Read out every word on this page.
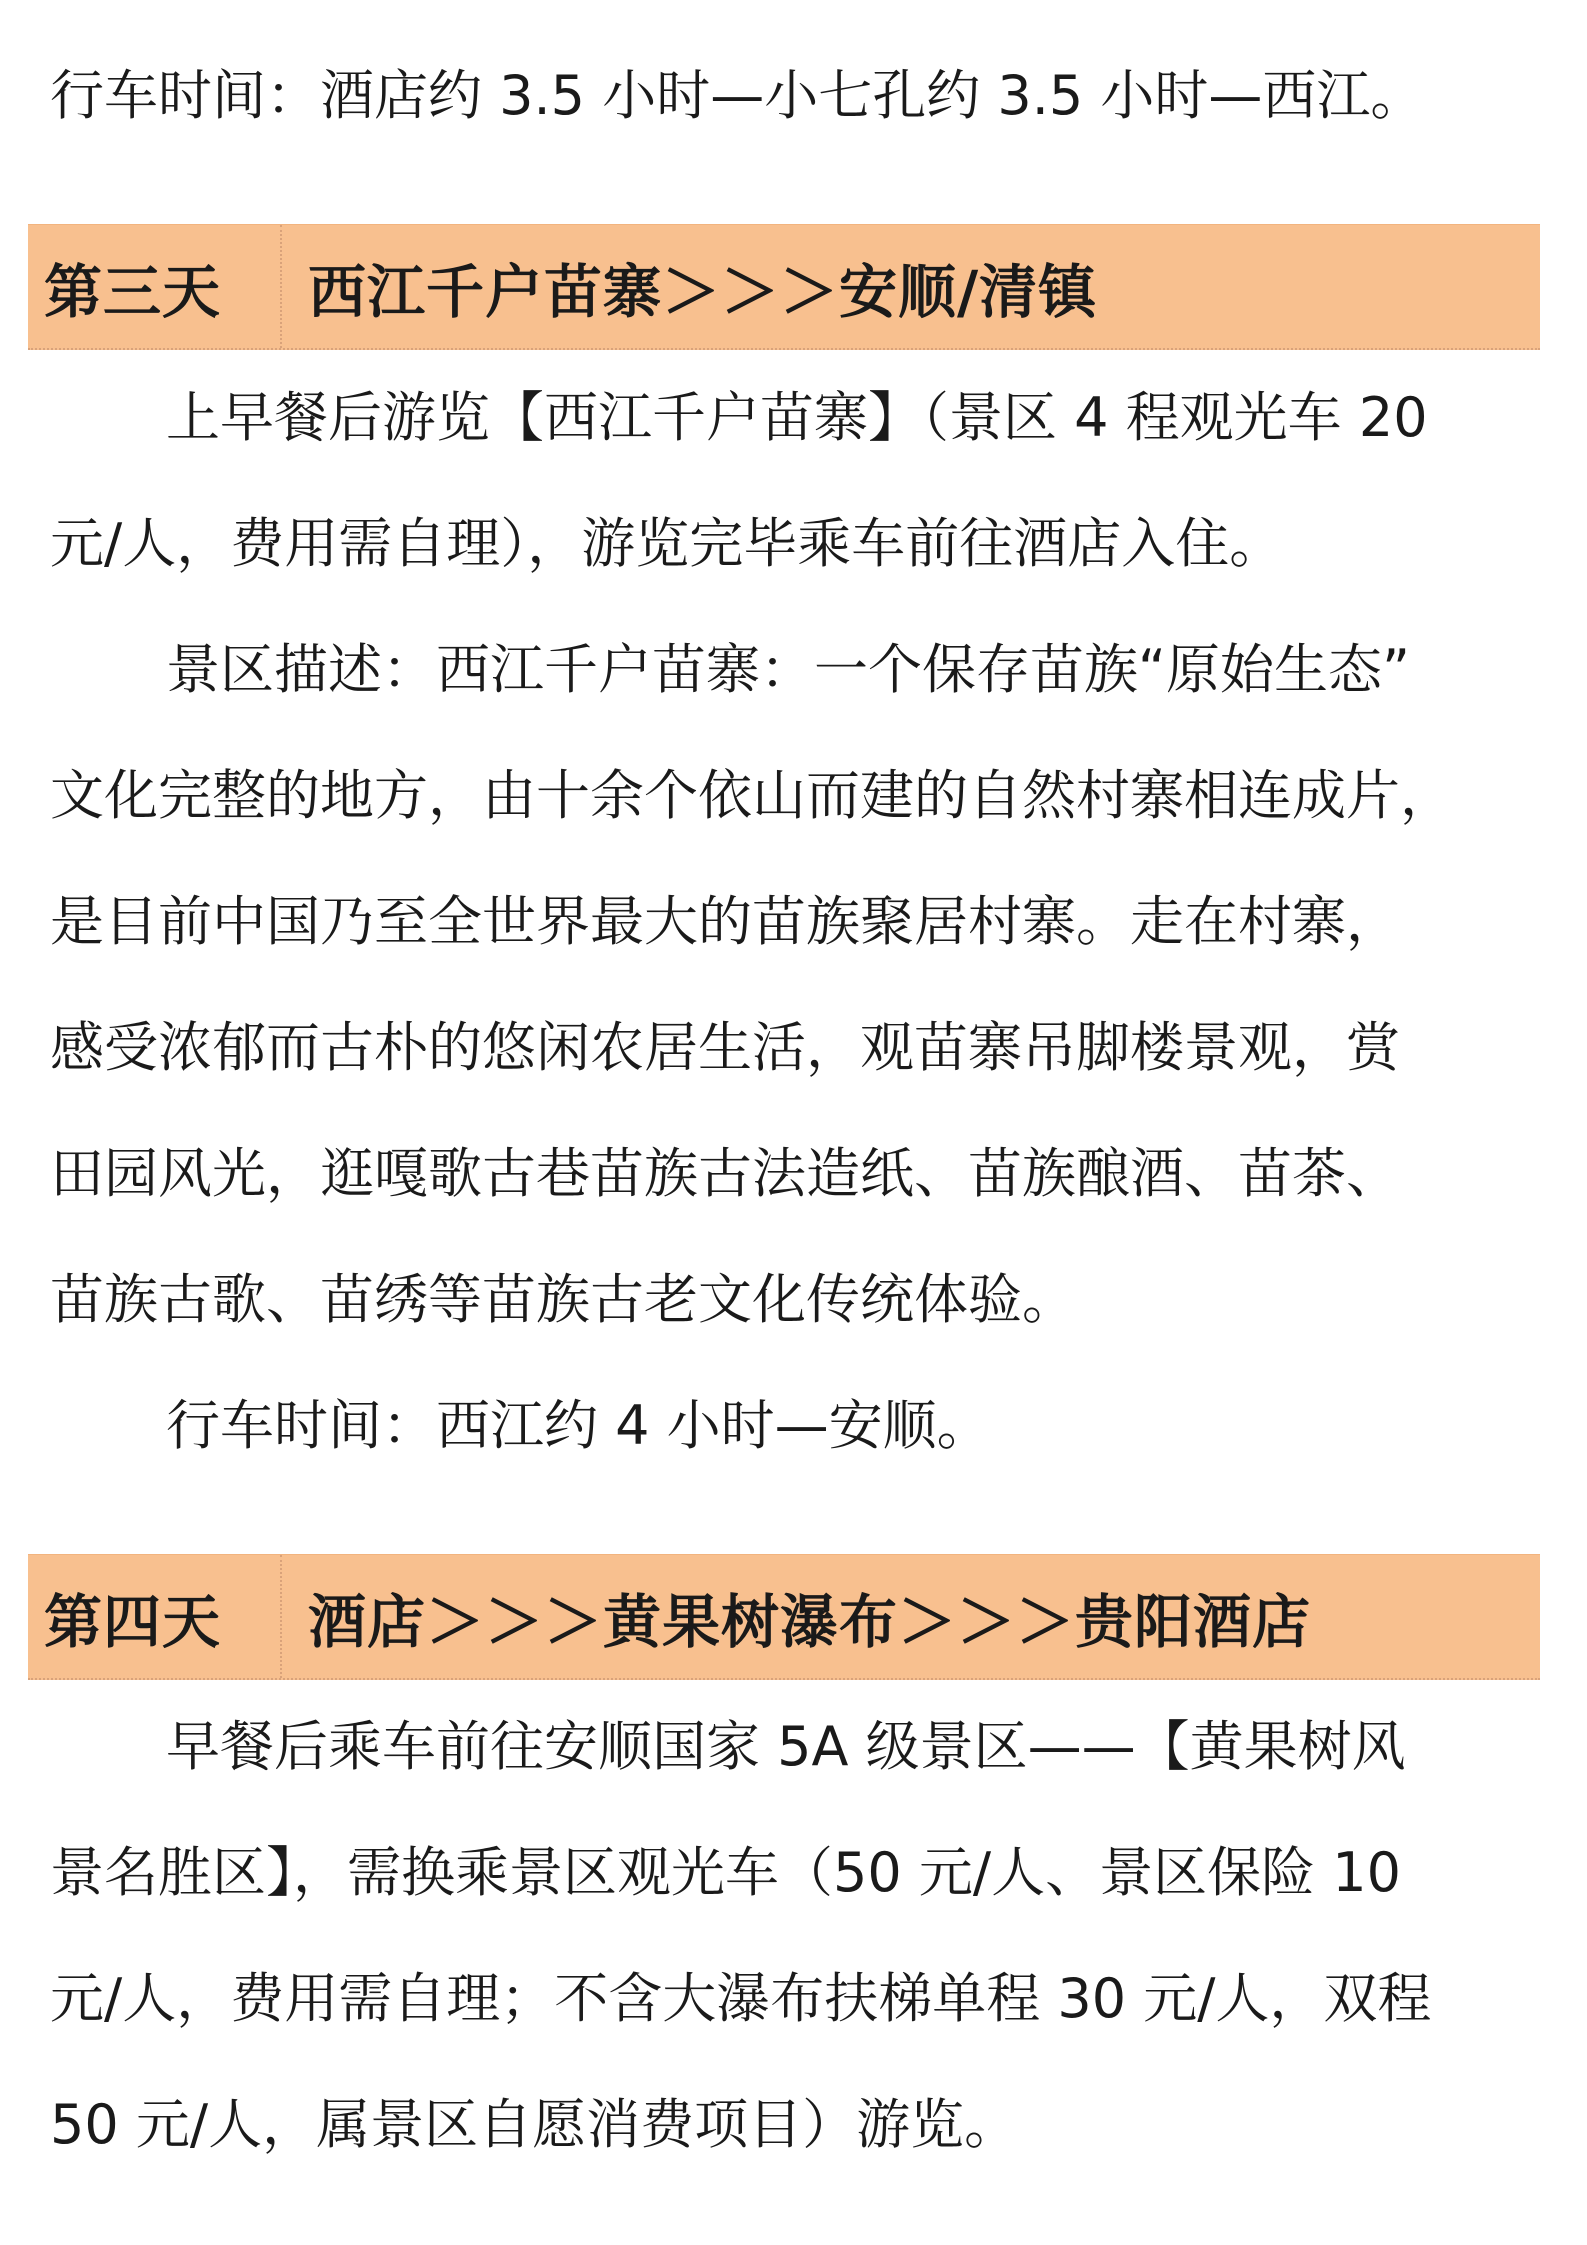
行车时间：酒店约 3.5 小时—小七孔约 3.5 小时—西江。
第三天	西江千户苗寨＞＞＞安顺/清镇
上早餐后游览【西江千户苗寨】（景区 4 程观光车 20
元/人，费用需自理），游览完毕乘车前往酒店入住。
景区描述：西江千户苗寨：一个保存苗族“原始生态”
文化完整的地方，由十余个依山而建的自然村寨相连成片，
是目前中国乃至全世界最大的苗族聚居村寨。走在村寨，
感受浓郁而古朴的悠闲农居生活，观苗寨吊脚楼景观，赏
田园风光，逛嘎歌古巷苗族古法造纸、苗族酿酒、苗茶、
苗族古歌、苗绣等苗族古老文化传统体验。
行车时间：西江约 4 小时—安顺。
第四天	酒店＞＞＞黄果树瀑布＞＞＞贵阳酒店
早餐后乘车前往安顺国家 5A 级景区——【黄果树风
景名胜区】，需换乘景区观光车（50 元/人、景区保险 10
元/人，费用需自理；不含大瀑布扶梯单程 30 元/人，双程
50 元/人，属景区自愿消费项目）游览。
